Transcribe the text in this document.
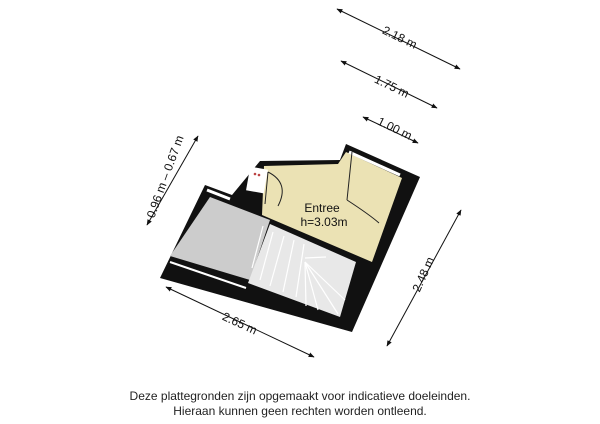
Entree
h=3.03m
2.18 m
1.75 m
1.00 m
0.96 m – 0.67 m
2.48 m
2.65 m
Deze plattegronden zijn opgemaakt voor indicatieve doeleinden.
Hieraan kunnen geen rechten worden ontleend.
